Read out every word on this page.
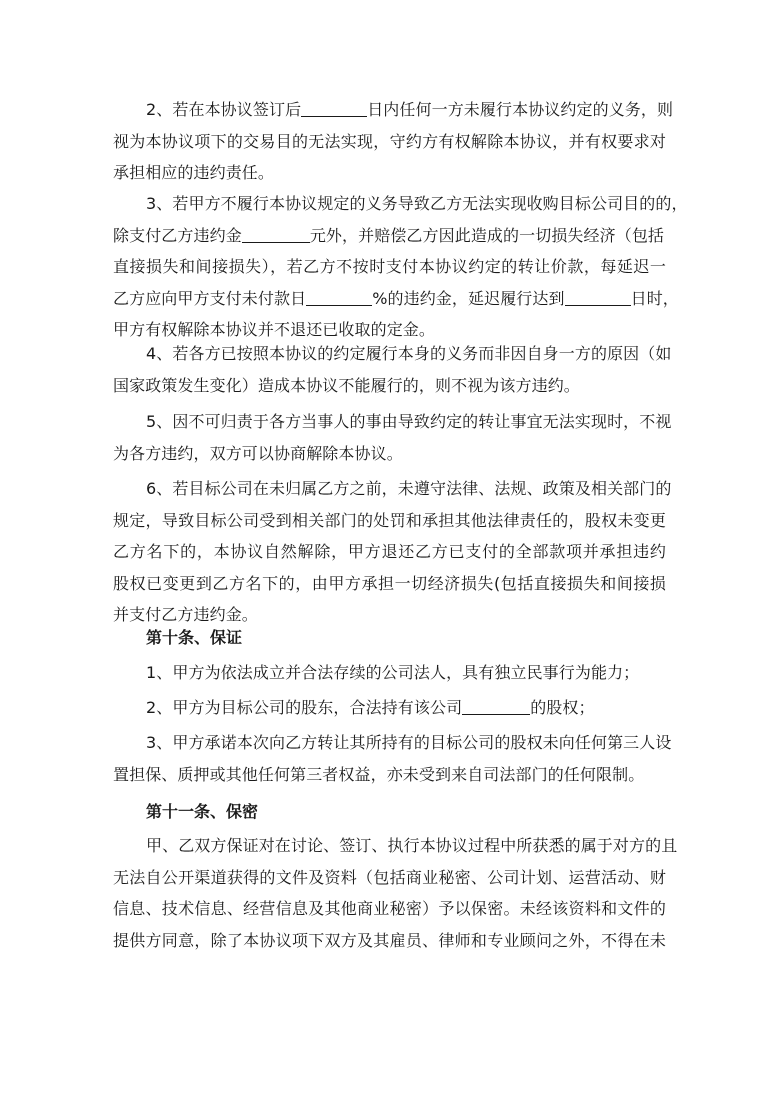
2、若在本协议签订后	日内任何一方未履行本协议约定的义务，则
视为本协议项下的交易目的无法实现，守约方有权解除本协议，并有权要求对
承担相应的违约责任。
3、若甲方不履行本协议规定的义务导致乙方无法实现收购目标公司目的的，
除支付乙方违约金	元外，并赔偿乙方因此造成的一切损失经济（包括
直接损失和间接损失），若乙方不按时支付本协议约定的转让价款，每延迟一
乙方应向甲方支付未付款日	%的违约金，延迟履行达到	日时，
甲方有权解除本协议并不退还已收取的定金。
4、若各方已按照本协议的约定履行本身的义务而非因自身一方的原因（如
国家政策发生变化）造成本协议不能履行的，则不视为该方违约。
5、因不可归责于各方当事人的事由导致约定的转让事宜无法实现时，不视
为各方违约，双方可以协商解除本协议。
6、若目标公司在未归属乙方之前，未遵守法律、法规、政策及相关部门的
规定，导致目标公司受到相关部门的处罚和承担其他法律责任的，股权未变更
乙方名下的，本协议自然解除，甲方退还乙方已支付的全部款项并承担违约
股权已变更到乙方名下的，由甲方承担一切经济损失(包括直接损失和间接损
并支付乙方违约金。
第十条、保证
1、甲方为依法成立并合法存续的公司法人，具有独立民事行为能力；
2、甲方为目标公司的股东，合法持有该公司	的股权；
3、甲方承诺本次向乙方转让其所持有的目标公司的股权未向任何第三人设
置担保、质押或其他任何第三者权益，亦未受到来自司法部门的任何限制。
第十一条、保密
甲、乙双方保证对在讨论、签订、执行本协议过程中所获悉的属于对方的且
无法自公开渠道获得的文件及资料（包括商业秘密、公司计划、运营活动、财
信息、技术信息、经营信息及其他商业秘密）予以保密。未经该资料和文件的
提供方同意，除了本协议项下双方及其雇员、律师和专业顾问之外，不得在未
